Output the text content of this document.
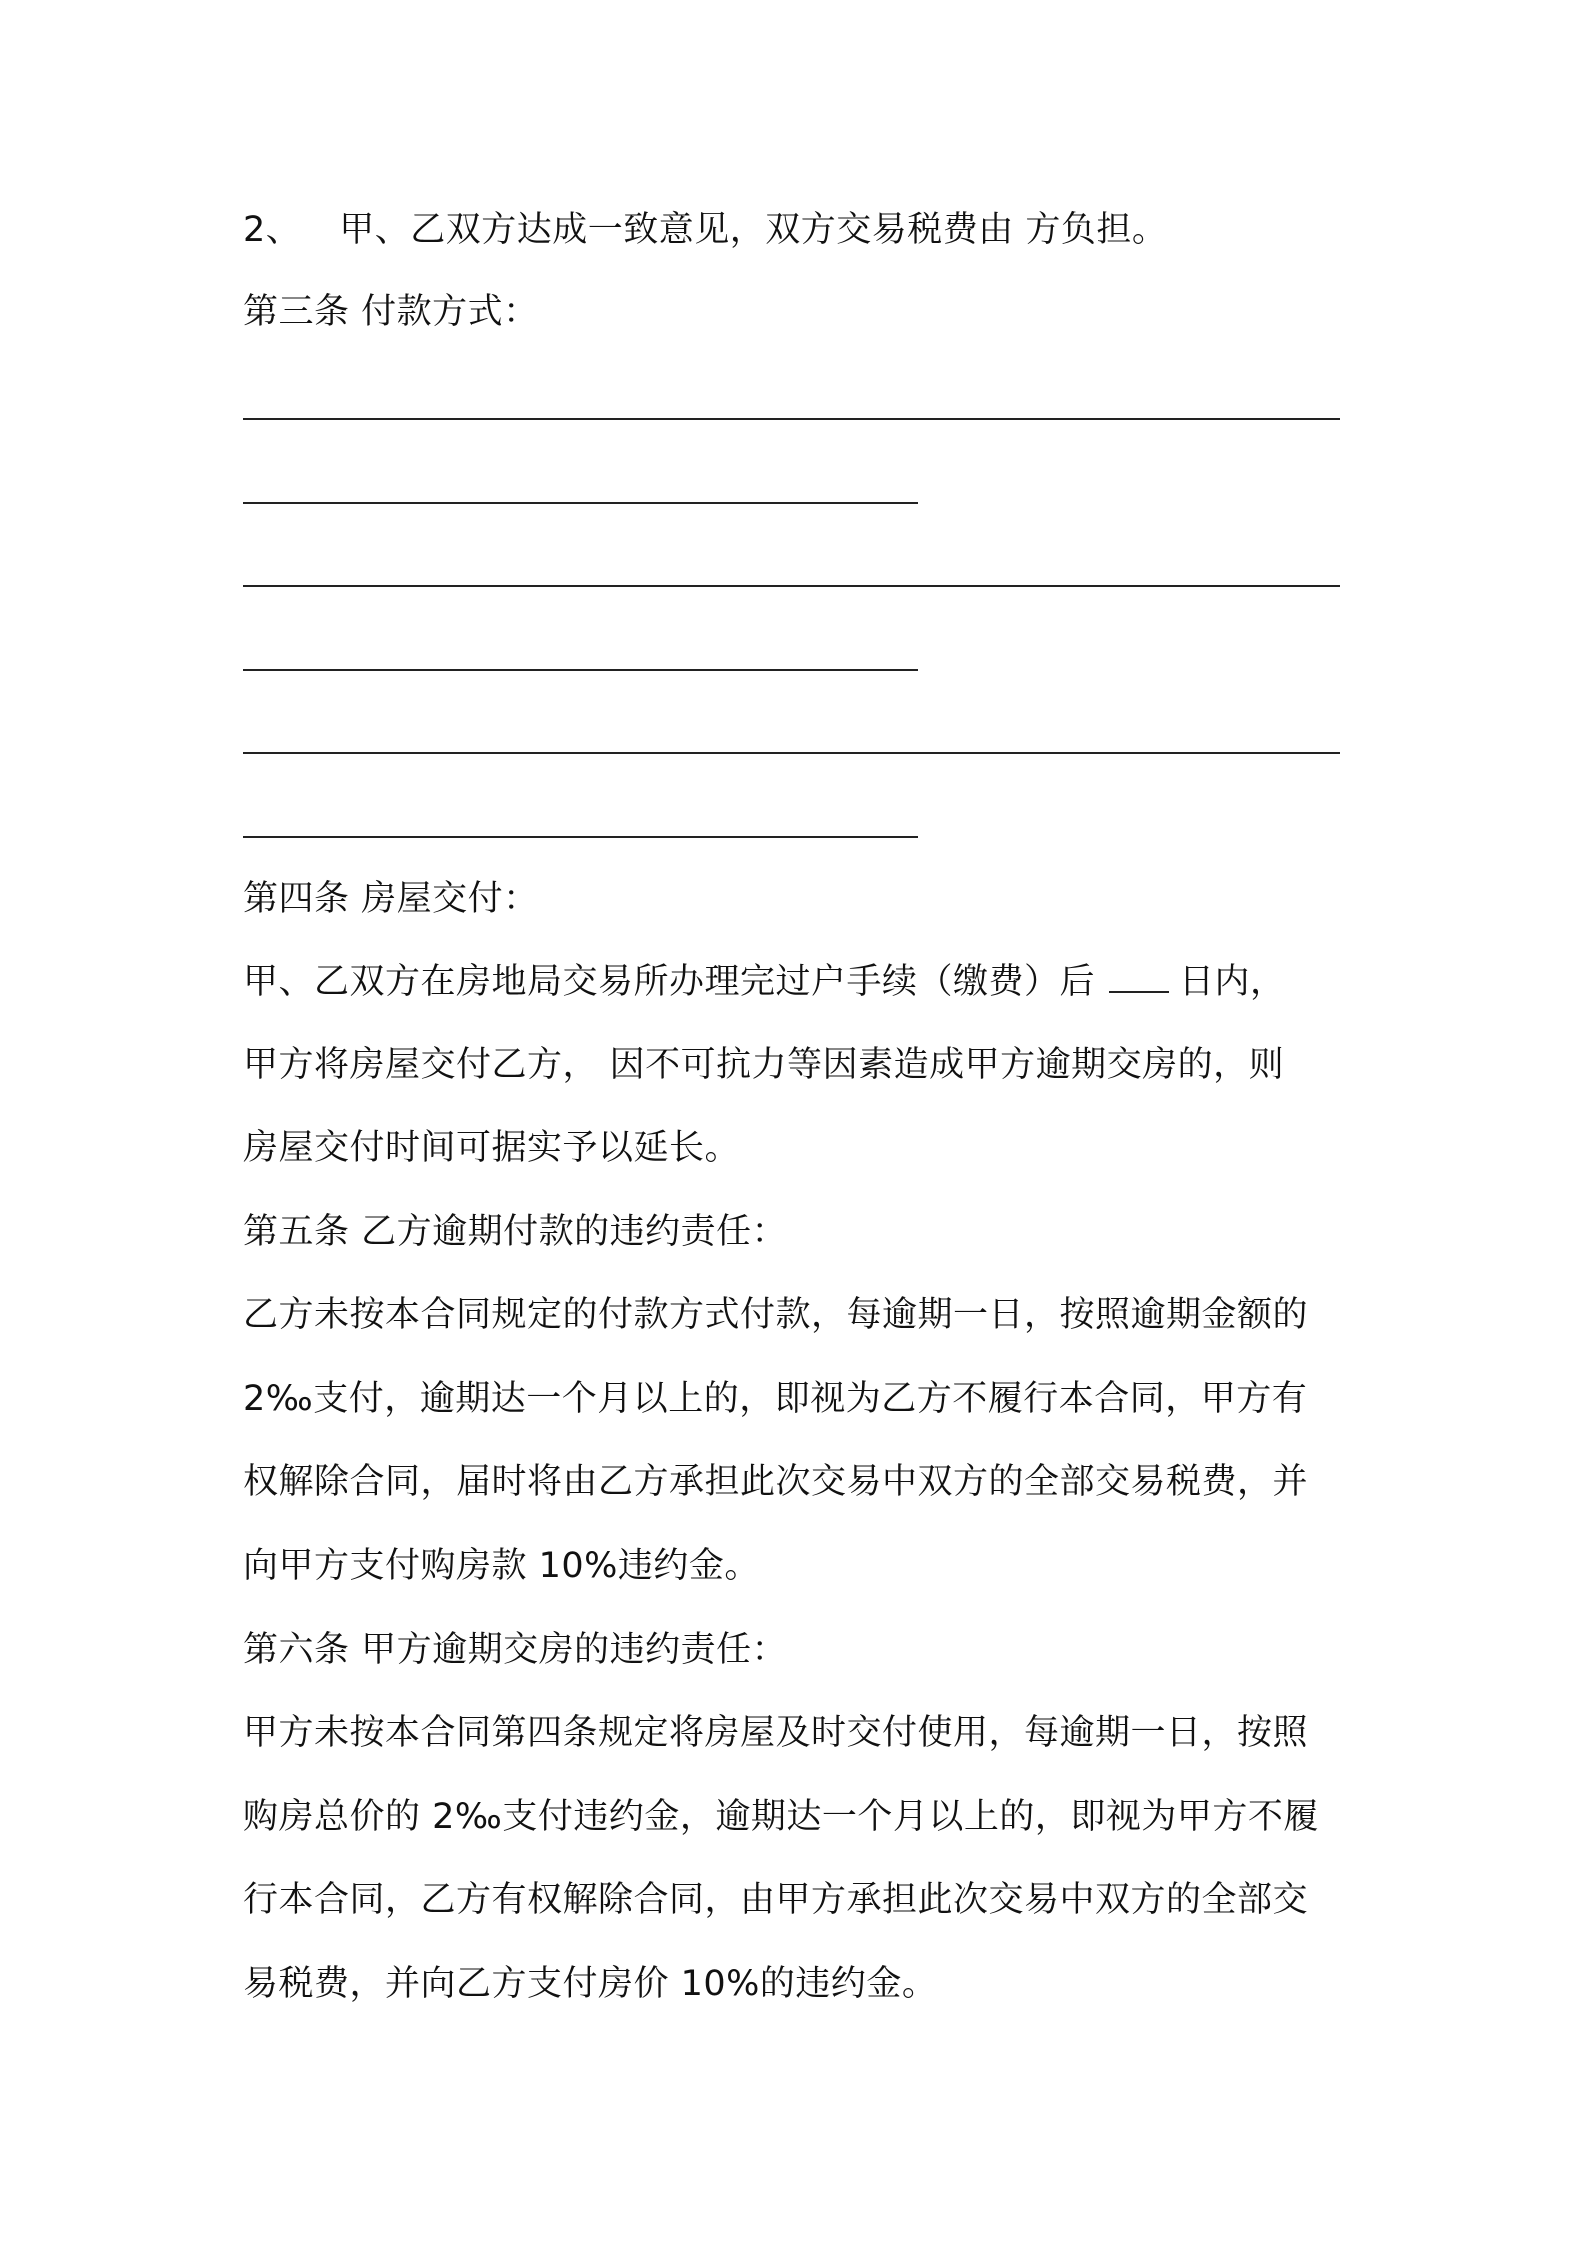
2、 甲、乙双方达成一致意见，双方交易税费由 方负担。
第三条 付款方式：
第四条 房屋交付：
甲、乙双方在房地局交易所办理完过户手续（缴费）后 日内，
甲方将房屋交付乙方， 因不可抗力等因素造成甲方逾期交房的，则
房屋交付时间可据实予以延长。
第五条 乙方逾期付款的违约责任：
乙方未按本合同规定的付款方式付款，每逾期一日，按照逾期金额的
2‰支付，逾期达一个月以上的，即视为乙方不履行本合同，甲方有
权解除合同，届时将由乙方承担此次交易中双方的全部交易税费，并
向甲方支付购房款 10%违约金。
第六条 甲方逾期交房的违约责任：
甲方未按本合同第四条规定将房屋及时交付使用，每逾期一日，按照
购房总价的 2‰支付违约金，逾期达一个月以上的，即视为甲方不履
行本合同，乙方有权解除合同，由甲方承担此次交易中双方的全部交
易税费，并向乙方支付房价 10%的违约金。
